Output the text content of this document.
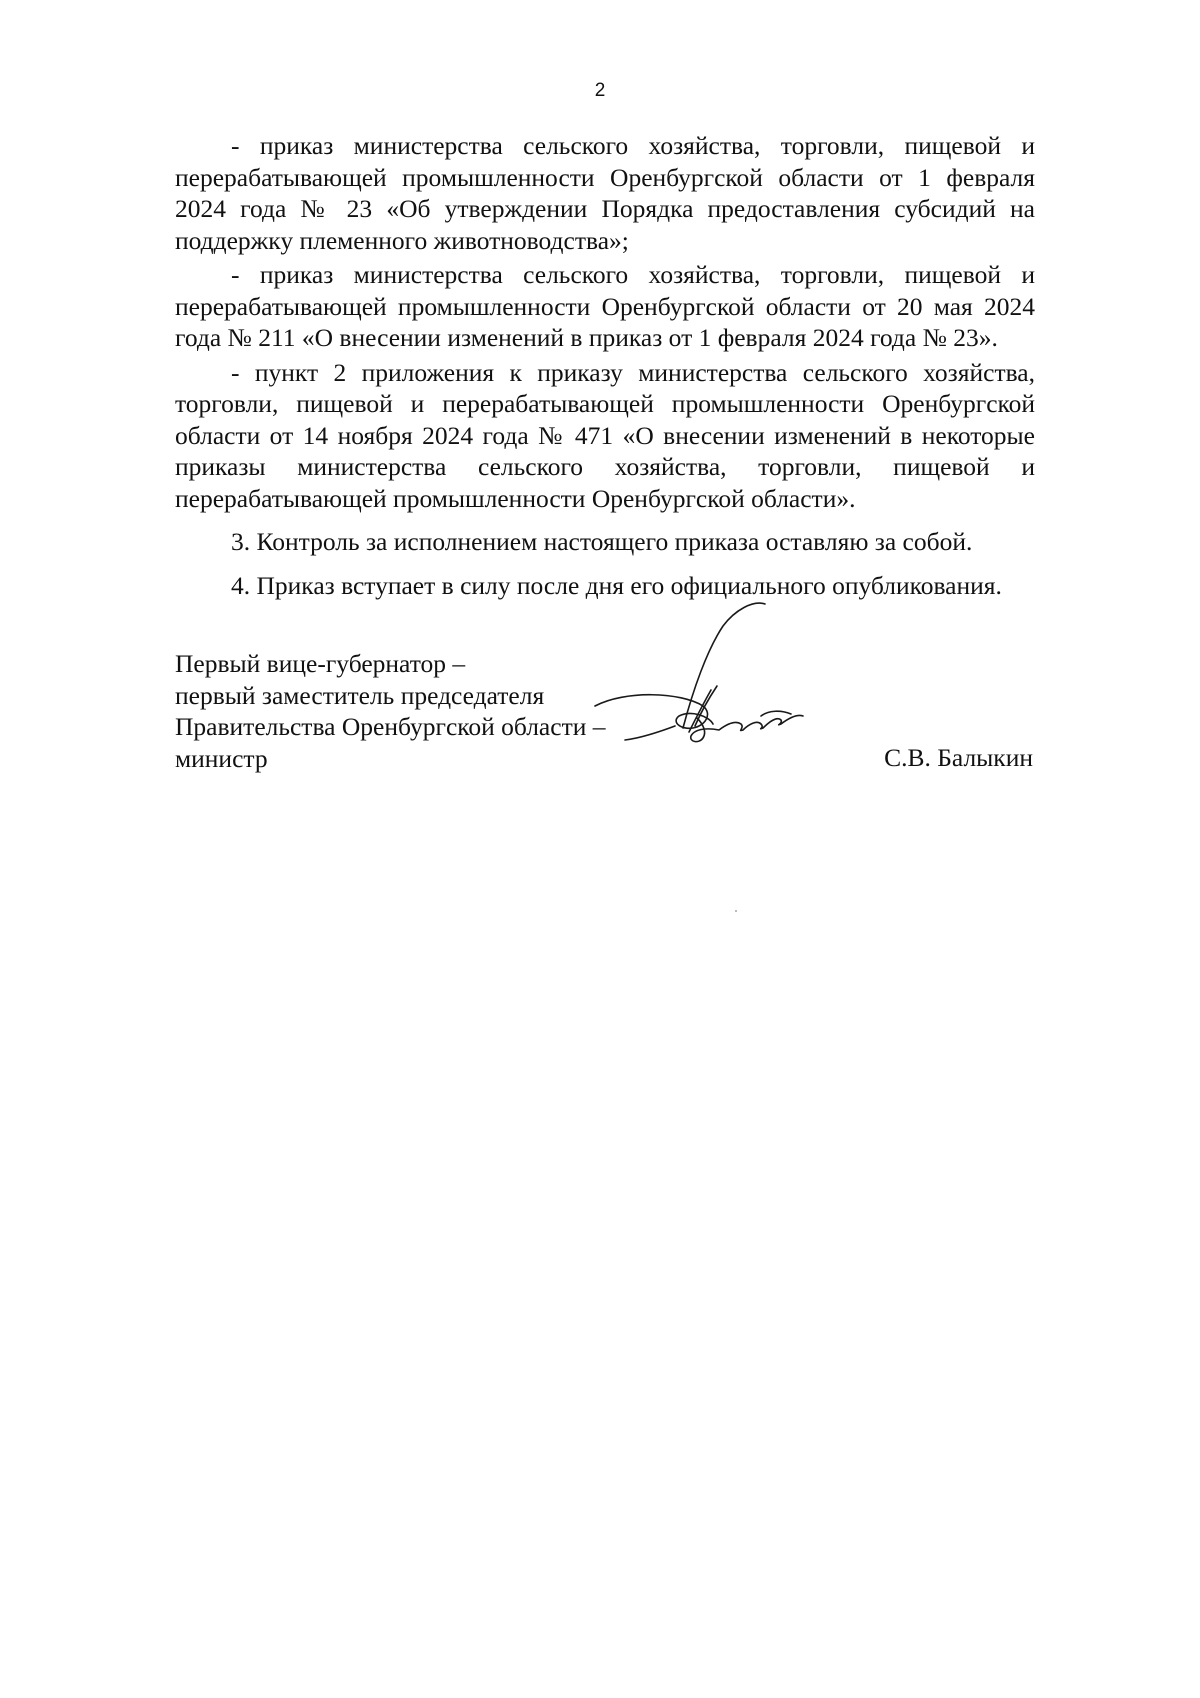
2

- приказ министерства сельского хозяйства, торговли, пищевой и перерабатывающей промышленности Оренбургской области от 1 февраля 2024 года № 23 «Об утверждении Порядка предоставления субсидий на поддержку племенного животноводства»;

- приказ министерства сельского хозяйства, торговли, пищевой и перерабатывающей промышленности Оренбургской области от 20 мая 2024 года № 211 «О внесении изменений в приказ от 1 февраля 2024 года № 23».

- пункт 2 приложения к приказу министерства сельского хозяйства, торговли, пищевой и перерабатывающей промышленности Оренбургской области от 14 ноября 2024 года № 471 «О внесении изменений в некоторые приказы министерства сельского хозяйства, торговли, пищевой и перерабатывающей промышленности Оренбургской области».

3. Контроль за исполнением настоящего приказа оставляю за собой.

4. Приказ вступает в силу после дня его официального опубликования.

Первый вице-губернатор –
первый заместитель председателя
Правительства Оренбургской области –
министр	С.В. Балыкин
